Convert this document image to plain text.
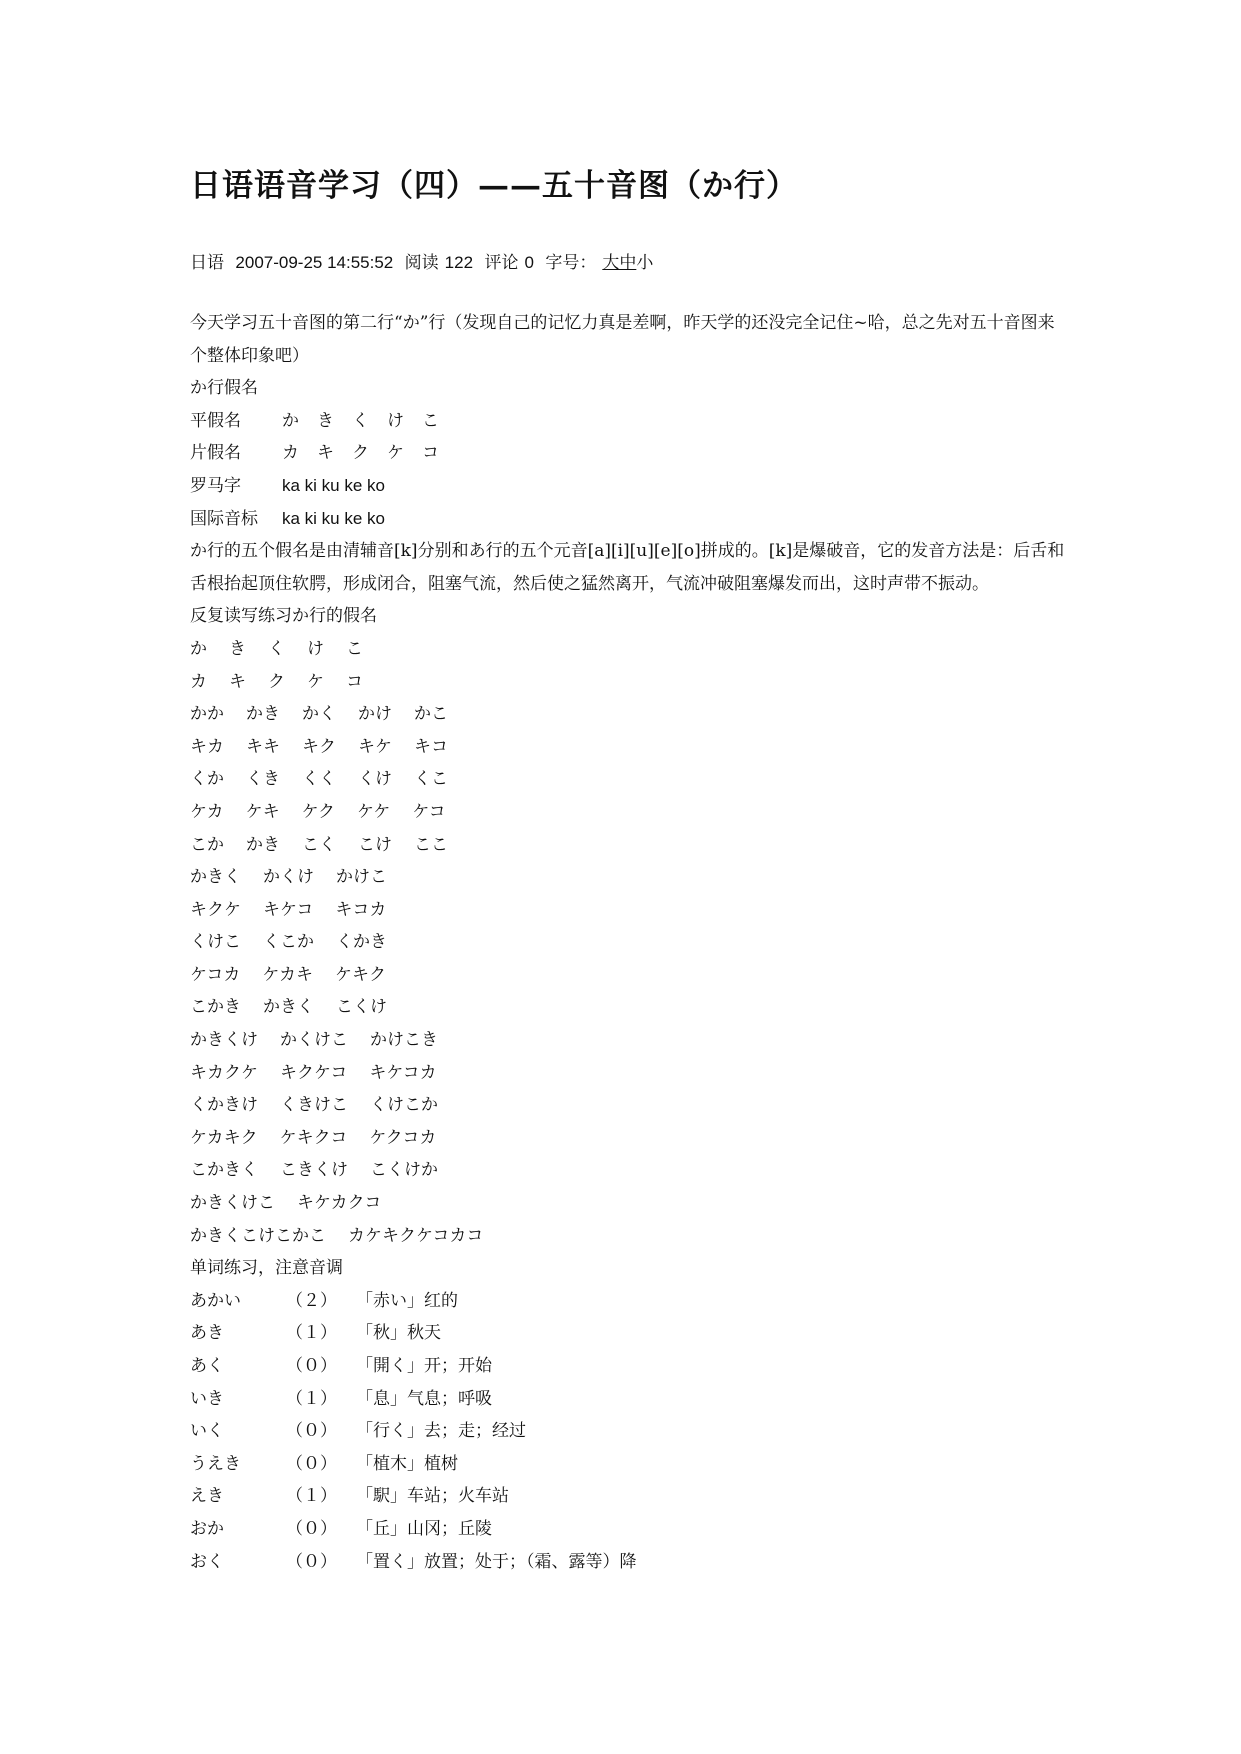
日语语音学习（四）——五十音图（か行）
日语 2007-09-25 14:55:52 阅读 122 评论 0 字号： 大中小
今天学习五十音图的第二行“か”行（发现自己的记忆力真是差啊，昨天学的还没完全记住~哈，总之先对五十音图来个整体印象吧）
か行假名
平假名 か き く け こ
片假名 カ キ ク ケ コ
罗马字 ka ki ku ke ko
国际音标 ka ki ku ke ko
か行的五个假名是由清辅音[k]分别和あ行的五个元音[a][i][u][e][o]拼成的。[k]是爆破音，它的发音方法是：后舌和舌根抬起顶住软腭，形成闭合，阻塞气流，然后使之猛然离开，气流冲破阻塞爆发而出，这时声带不振动。
反复读写练习か行的假名
か き く け こ
カ キ ク ケ コ
かか かき かく かけ かこ
キカ キキ キク キケ キコ
くか くき くく くけ くこ
ケカ ケキ ケク ケケ ケコ
こか かき こく こけ ここ
かきく かくけ かけこ
キクケ キケコ キコカ
くけこ くこか くかき
ケコカ ケカキ ケキク
こかき かきく こくけ
かきくけ かくけこ かけこき
キカクケ キクケコ キケコカ
くかきけ くきけこ くけこか
ケカキク ケキクコ ケクコカ
こかきく こきくけ こくけか
かきくけこ キケカクコ
かきくこけこかこ カケキクケコカコ
单词练习，注意音调
あかい	（２） 「赤い」红的
あき	（１） 「秋」秋天
あく	（０） 「開く」开；开始
いき	（１） 「息」气息；呼吸
いく	（０） 「行く」去；走；经过
うえき	（０） 「植木」植树
えき	（１） 「駅」车站；火车站
おか	（０） 「丘」山冈；丘陵
おく	（０） 「置く」放置；处于；（霜、露等）降
